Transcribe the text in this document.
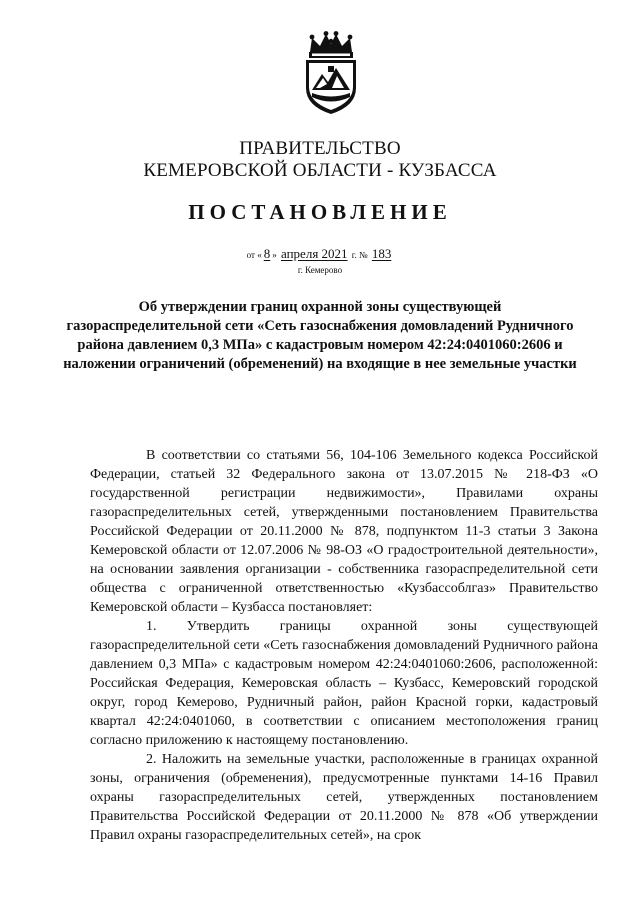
ПРАВИТЕЛЬСТВО
КЕМЕРОВСКОЙ ОБЛАСТИ - КУЗБАССА
ПОСТАНОВЛЕНИЕ
от « 8 » апреля 2021 г. № 183
г. Кемерово
Об утверждении границ охранной зоны существующей газораспределительной сети «Сеть газоснабжения домовладений Рудничного района давлением 0,3 МПа» с кадастровым номером 42:24:0401060:2606 и наложении ограничений (обременений) на входящие в нее земельные участки

В соответствии со статьями 56, 104-106 Земельного кодекса Российской Федерации, статьей 32 Федерального закона от 13.07.2015 № 218-ФЗ «О государственной регистрации недвижимости», Правилами охраны газораспределительных сетей, утвержденными постановлением Правительства Российской Федерации от 20.11.2000 № 878, подпунктом 11-3 статьи 3 Закона Кемеровской области от 12.07.2006 № 98-ОЗ «О градостроительной деятельности», на основании заявления организации - собственника газораспределительной сети общества с ограниченной ответственностью «Кузбассоблгаз» Правительство Кемеровской области – Кузбасса постановляет:

1. Утвердить границы охранной зоны существующей газораспределительной сети «Сеть газоснабжения домовладений Рудничного района давлением 0,3 МПа» с кадастровым номером 42:24:0401060:2606, расположенной: Российская Федерация, Кемеровская область – Кузбасс, Кемеровский городской округ, город Кемерово, Рудничный район, район Красной горки, кадастровый квартал 42:24:0401060, в соответствии с описанием местоположения границ согласно приложению к настоящему постановлению.

2. Наложить на земельные участки, расположенные в границах охранной зоны, ограничения (обременения), предусмотренные пунктами 14-16 Правил охраны газораспределительных сетей, утвержденных постановлением Правительства Российской Федерации от 20.11.2000 № 878 «Об утверждении Правил охраны газораспределительных сетей», на срок
